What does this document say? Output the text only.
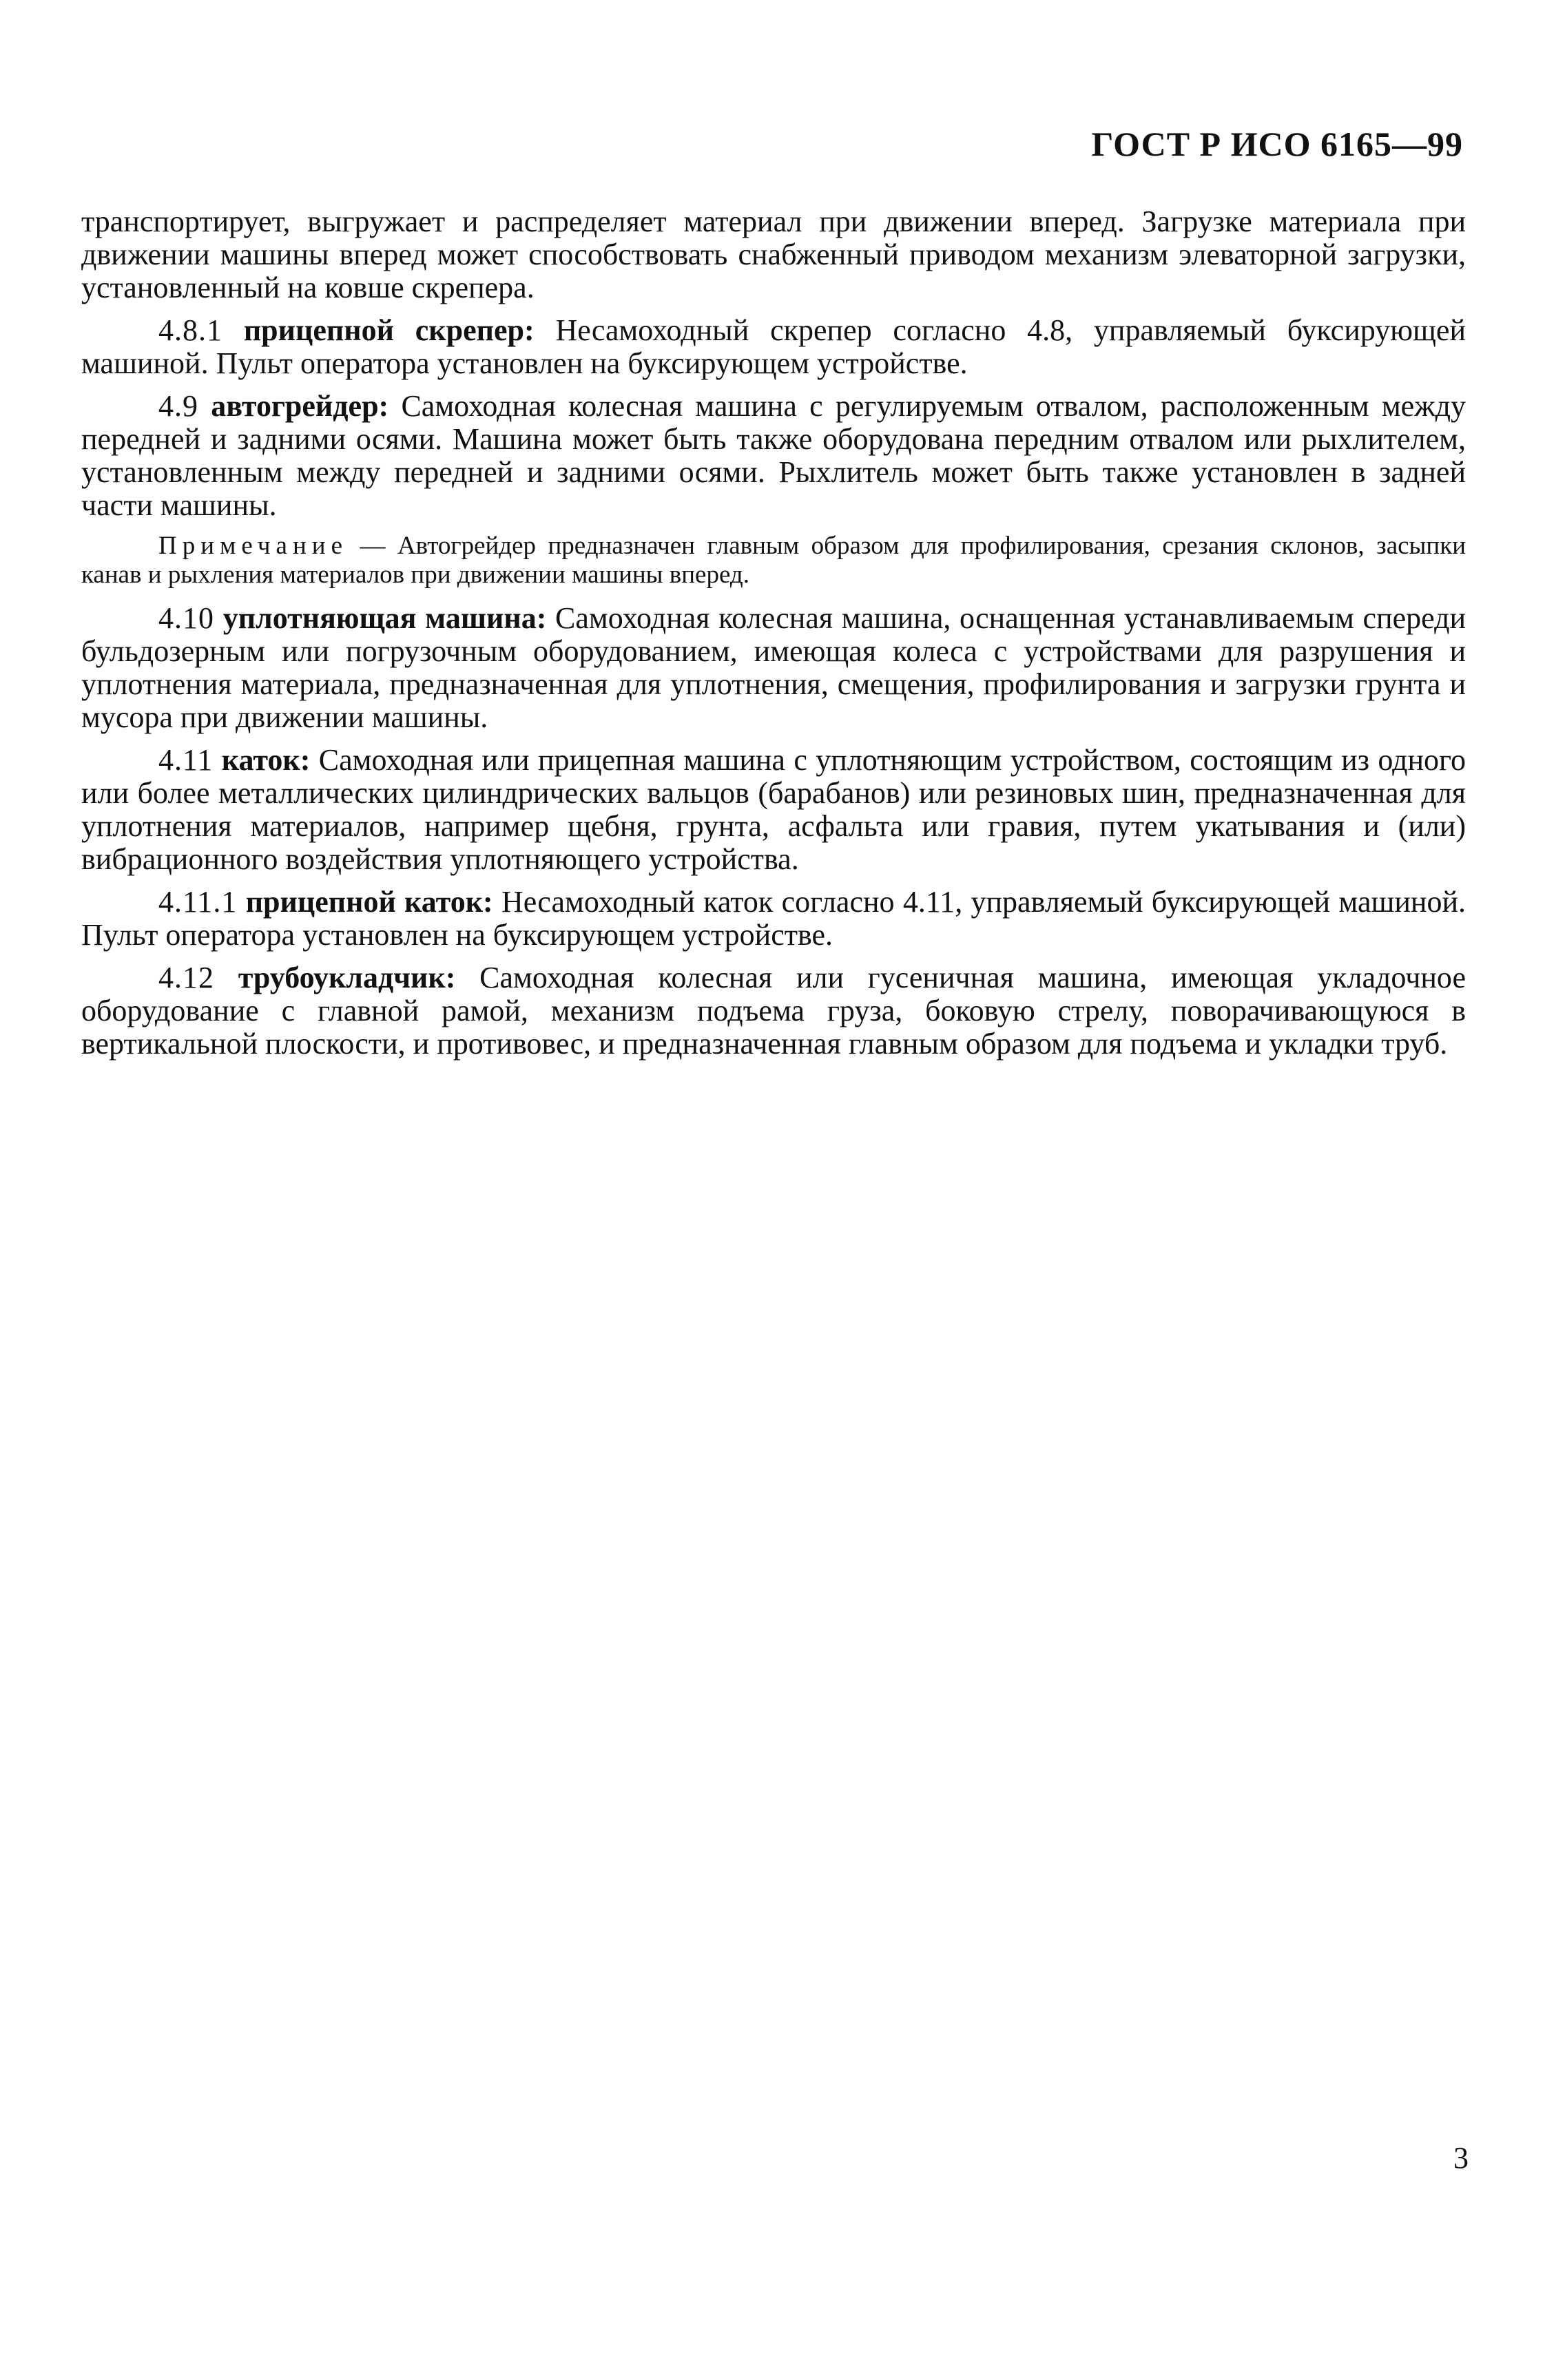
ГОСТ Р ИСО 6165—99

транспортирует, выгружает и распределяет материал при движении вперед. Загрузке материала при движении машины вперед может способствовать снабженный приводом механизм элеваторной загрузки, установленный на ковше скрепера.

4.8.1 прицепной скрепер: Несамоходный скрепер согласно 4.8, управляемый буксирующей машиной. Пульт оператора установлен на буксирующем устройстве.

4.9 автогрейдер: Самоходная колесная машина с регулируемым отвалом, расположенным между передней и задними осями. Машина может быть также оборудована передним отвалом или рыхлителем, установленным между передней и задними осями. Рыхлитель может быть также установлен в задней части машины.

Примечание — Автогрейдер предназначен главным образом для профилирования, срезания склонов, засыпки канав и рыхления материалов при движении машины вперед.

4.10 уплотняющая машина: Самоходная колесная машина, оснащенная устанавливаемым спереди бульдозерным или погрузочным оборудованием, имеющая колеса с устройствами для разрушения и уплотнения материала, предназначенная для уплотнения, смещения, профилирования и загрузки грунта и мусора при движении машины.

4.11 каток: Самоходная или прицепная машина с уплотняющим устройством, состоящим из одного или более металлических цилиндрических вальцов (барабанов) или резиновых шин, предназначенная для уплотнения материалов, например щебня, грунта, асфальта или гравия, путем укатывания и (или) вибрационного воздействия уплотняющего устройства.

4.11.1 прицепной каток: Несамоходный каток согласно 4.11, управляемый буксирующей машиной. Пульт оператора установлен на буксирующем устройстве.

4.12 трубоукладчик: Самоходная колесная или гусеничная машина, имеющая укладочное оборудование с главной рамой, механизм подъема груза, боковую стрелу, поворачивающуюся в вертикальной плоскости, и противовес, и предназначенная главным образом для подъема и укладки труб.

3
